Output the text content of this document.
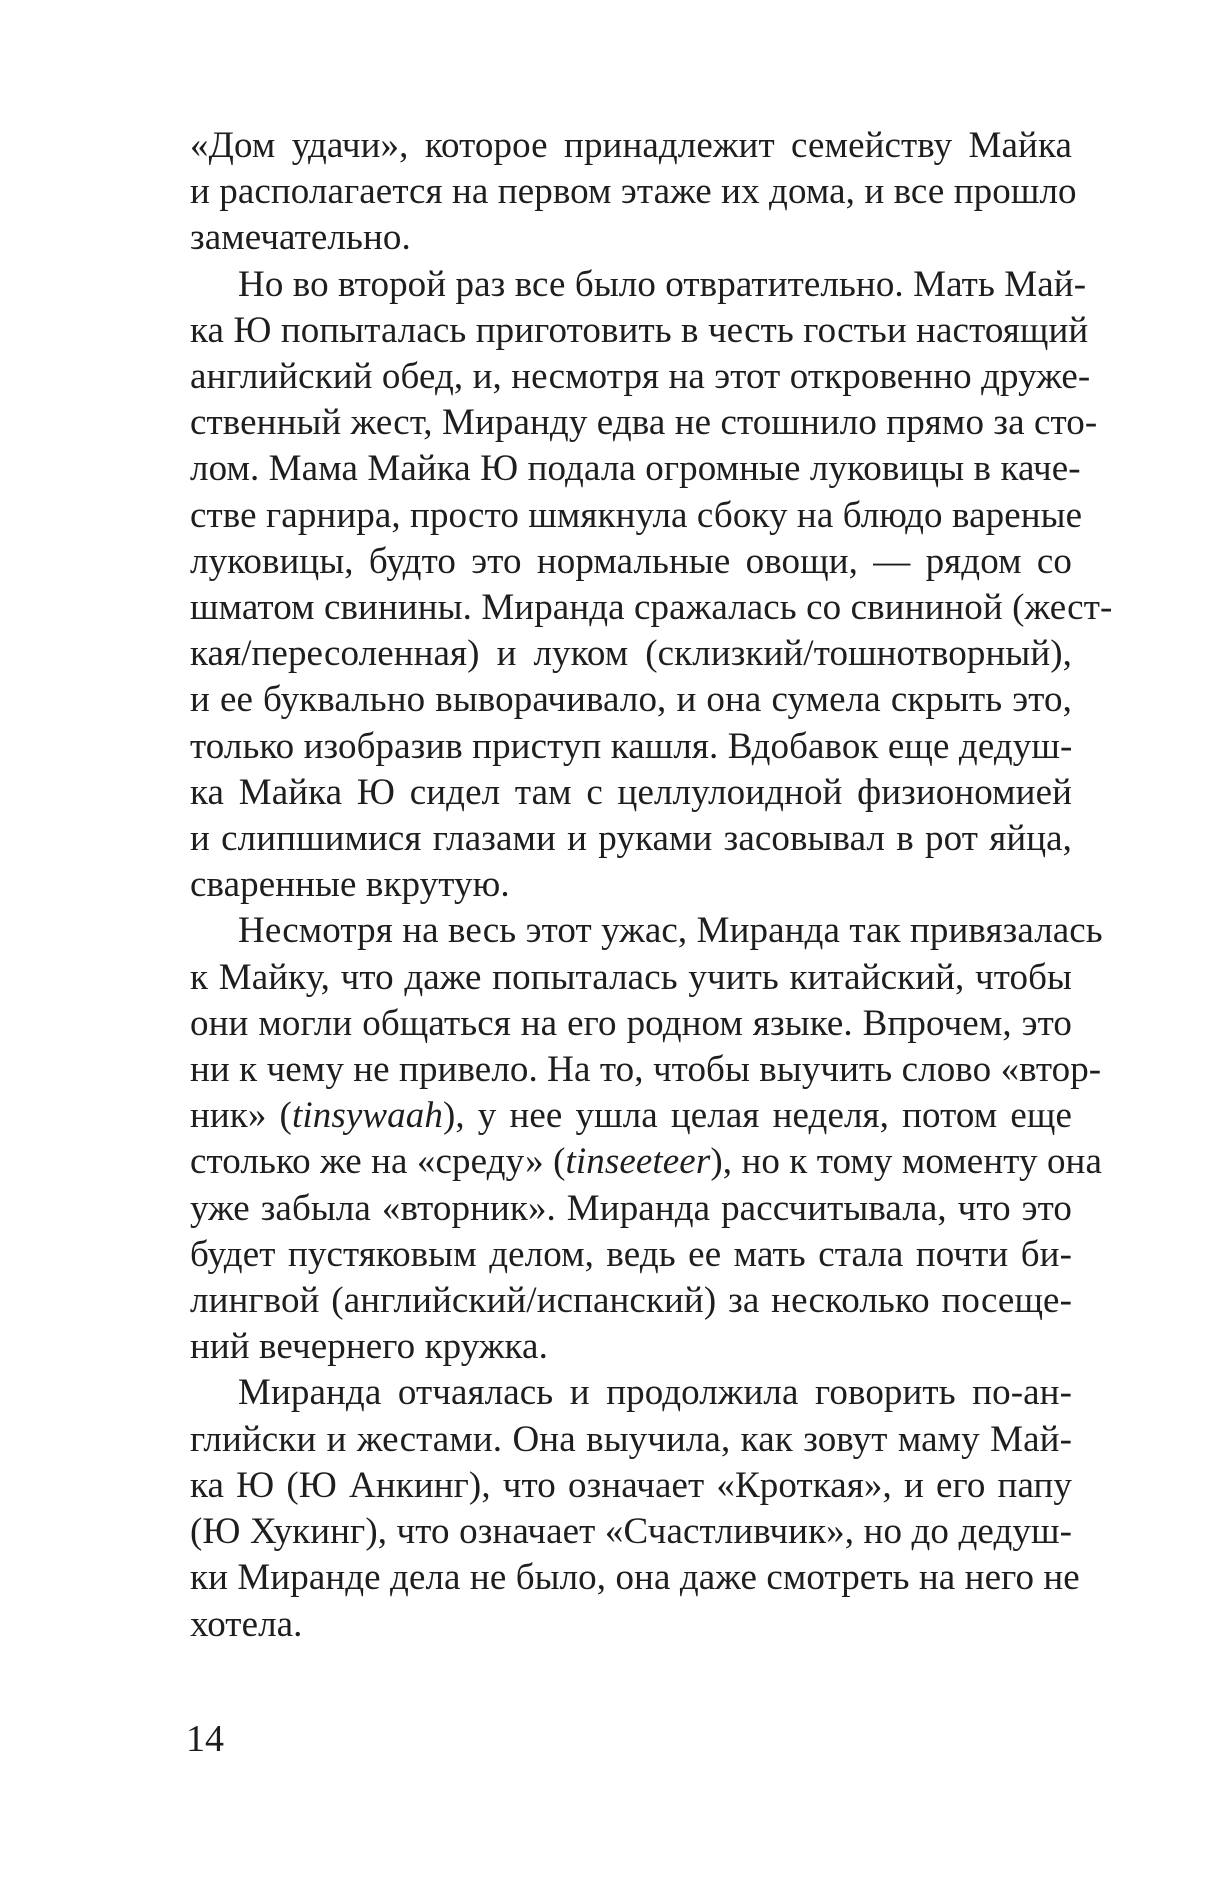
«Дом удачи», которое принадлежит семейству Майка
и располагается на первом этаже их дома, и все прошло
замечательно.

Но во второй раз все было отвратительно. Мать Май-
ка Ю попыталась приготовить в честь гостьи настоящий
английский обед, и, несмотря на этот откровенно друже-
ственный жест, Миранду едва не стошнило прямо за сто-
лом. Мама Майка Ю подала огромные луковицы в каче-
стве гарнира, просто шмякнула сбоку на блюдо вареные
луковицы, будто это нормальные овощи, — рядом со
шматом свинины. Миранда сражалась со свининой (жест-
кая/пересоленная) и луком (склизкий/тошнотворный),
и ее буквально выворачивало, и она сумела скрыть это,
только изобразив приступ кашля. Вдобавок еще дедуш-
ка Майка Ю сидел там с целлулоидной физиономией
и слипшимися глазами и руками засовывал в рот яйца,
сваренные вкрутую.

Несмотря на весь этот ужас, Миранда так привязалась
к Майку, что даже попыталась учить китайский, чтобы
они могли общаться на его родном языке. Впрочем, это
ни к чему не привело. На то, чтобы выучить слово «втор-
ник» (tinsywaah), у нее ушла целая неделя, потом еще
столько же на «среду» (tinseeteer), но к тому моменту она
уже забыла «вторник». Миранда рассчитывала, что это
будет пустяковым делом, ведь ее мать стала почти би-
лингвой (английский/испанский) за несколько посеще-
ний вечернего кружка.

Миранда отчаялась и продолжила говорить по-ан-
глийски и жестами. Она выучила, как зовут маму Май-
ка Ю (Ю Анкинг), что означает «Кроткая», и его папу
(Ю Хукинг), что означает «Счастливчик», но до дедуш-
ки Миранде дела не было, она даже смотреть на него не
хотела.

14
